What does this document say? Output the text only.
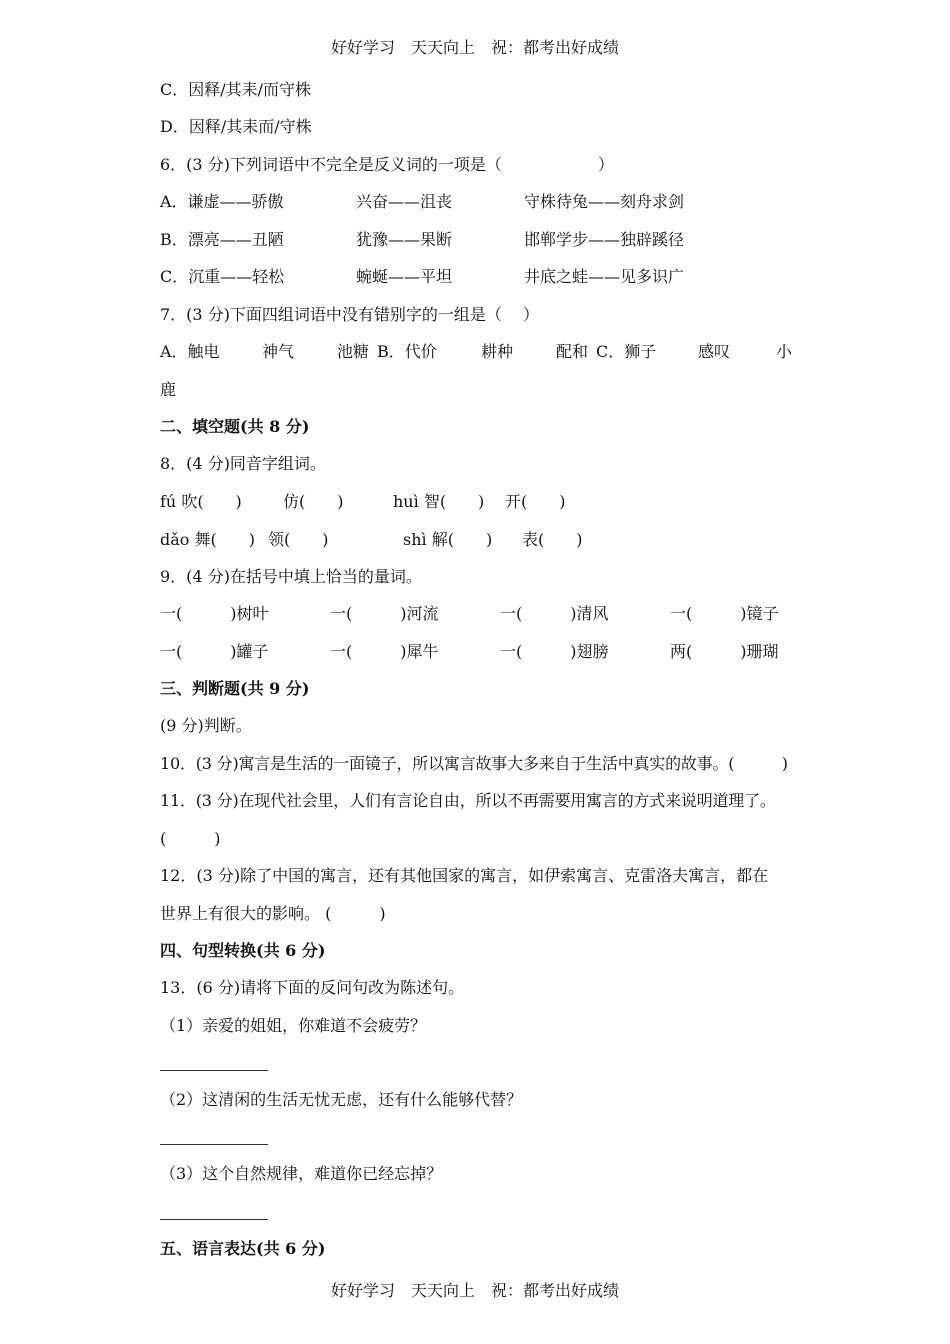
好好学习　天天向上　祝：都考出好成绩
C．因释/其耒/而守株
D．因释/其耒而/守株
6．(3 分)下列词语中不完全是反义词的一项是（　　　　　　）
A．谦虚——骄傲	兴奋——沮丧	守株待兔——刻舟求剑
B．漂亮——丑陋	犹豫——果断	邯郸学步——独辟蹊径
C．沉重——轻松	蜿蜒——平坦	井底之蛙——见多识广
7．(3 分)下面四组词语中没有错别字的一组是（　 ）
A．触电	神气	池糖 B．代价	耕种	配和 C．狮子	感叹	小
鹿
二、填空题(共 8 分)
8．(4 分)同音字组词。
fú 吹(　　)	仿(　　)	huì 智(　　) 开(　　)
dǎo 舞(　　) 领(　　)	shì 解(　　) 表(　　)
9．(4 分)在括号中填上恰当的量词。
一(　　　)树叶	一(　　　)河流	一(　　　)清风	一(　　　)镜子
一(　　　)罐子	一(　　　)犀牛	一(　　　)翅膀	两(　　　)珊瑚
三、判断题(共 9 分)
(9 分)判断。
10．(3 分)寓言是生活的一面镜子，所以寓言故事大多来自于生活中真实的故事。(　　　)
11．(3 分)在现代社会里，人们有言论自由，所以不再需要用寓言的方式来说明道理了。
(　　　)
12．(3 分)除了中国的寓言，还有其他国家的寓言，如伊索寓言、克雷洛夫寓言，都在
世界上有很大的影响。 (　　　)
四、句型转换(共 6 分)
13．(6 分)请将下面的反问句改为陈述句。
（1）亲爱的姐姐，你难道不会疲劳？
（2）这清闲的生活无忧无虑，还有什么能够代替？
（3）这个自然规律，难道你已经忘掉？
五、语言表达(共 6 分)
好好学习　天天向上　祝：都考出好成绩
